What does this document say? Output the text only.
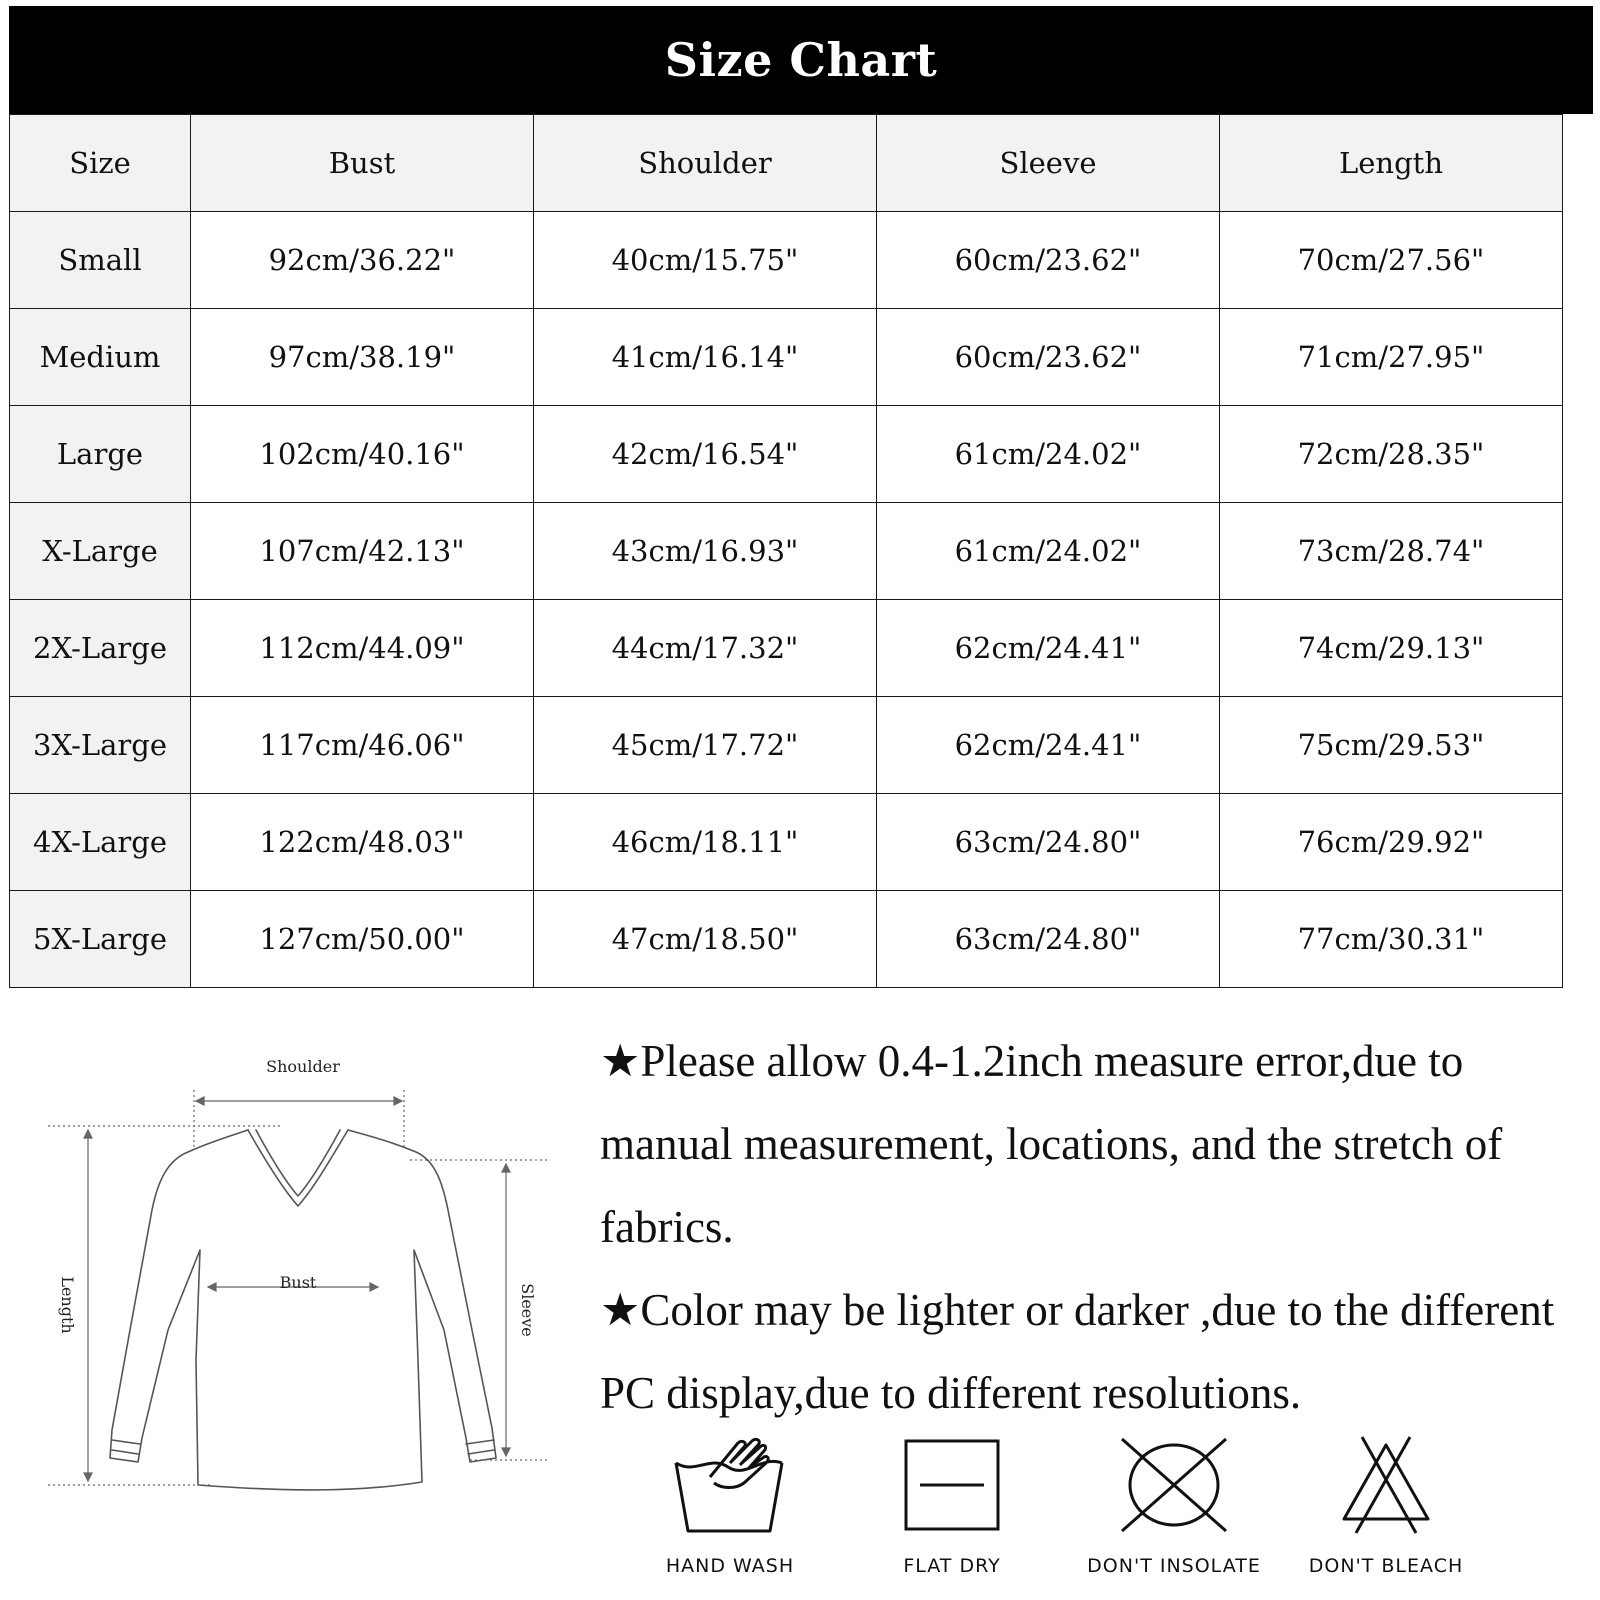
Size Chart
Size	Bust	Shoulder	Sleeve	Length
Small	92cm/36.22"	40cm/15.75"	60cm/23.62"	70cm/27.56"
Medium	97cm/38.19"	41cm/16.14"	60cm/23.62"	71cm/27.95"
Large	102cm/40.16"	42cm/16.54"	61cm/24.02"	72cm/28.35"
X-Large	107cm/42.13"	43cm/16.93"	61cm/24.02"	73cm/28.74"
2X-Large	112cm/44.09"	44cm/17.32"	62cm/24.41"	74cm/29.13"
3X-Large	117cm/46.06"	45cm/17.72"	62cm/24.41"	75cm/29.53"
4X-Large	122cm/48.03"	46cm/18.11"	63cm/24.80"	76cm/29.92"
5X-Large	127cm/50.00"	47cm/18.50"	63cm/24.80"	77cm/30.31"
Shoulder
Bust
Length	Sleeve

★Please allow 0.4-1.2inch measure error,due to manual measurement, locations, and the stretch of fabrics.

★Color may be lighter or darker ,due to the different PC display,due to different resolutions.

HAND WASH	FLAT DRY	DON'T INSOLATE	DON'T BLEACH
